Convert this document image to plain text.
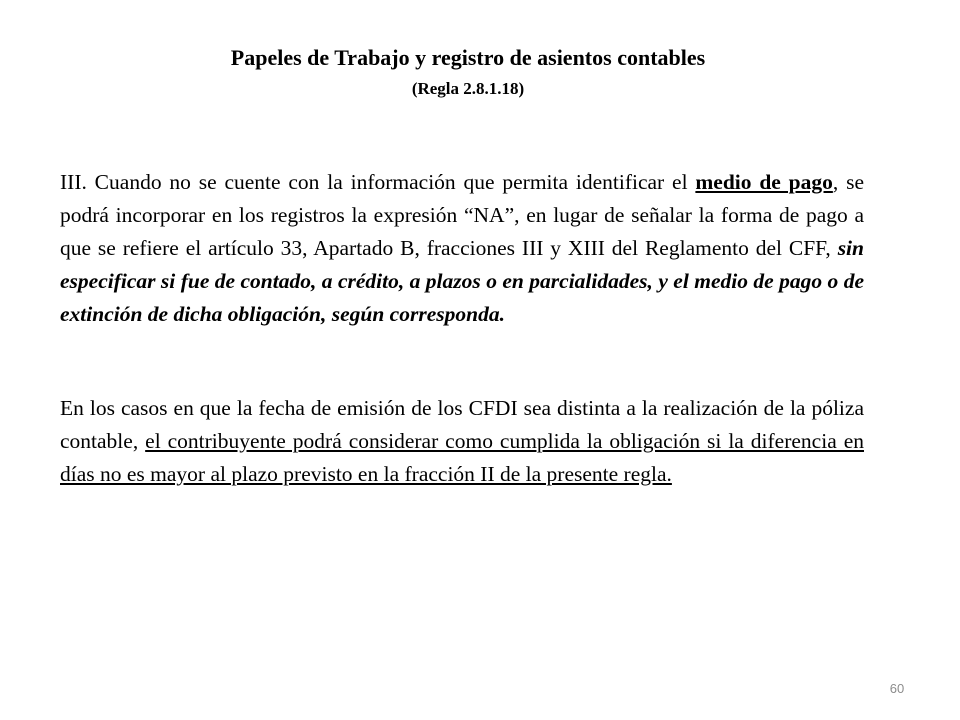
Papeles de Trabajo y registro de asientos contables
(Regla 2.8.1.18)

III. Cuando no se cuente con la información que permita identificar el medio de pago, se podrá incorporar en los registros la expresión “NA”, en lugar de señalar la forma de pago a que se refiere el artículo 33, Apartado B, fracciones III y XIII del Reglamento del CFF, sin especificar si fue de contado, a crédito, a plazos o en parcialidades, y el medio de pago o de extinción de dicha obligación, según corresponda.

En los casos en que la fecha de emisión de los CFDI sea distinta a la realización de la póliza contable, el contribuyente podrá considerar como cumplida la obligación si la diferencia en días no es mayor al plazo previsto en la fracción II de la presente regla.

60
